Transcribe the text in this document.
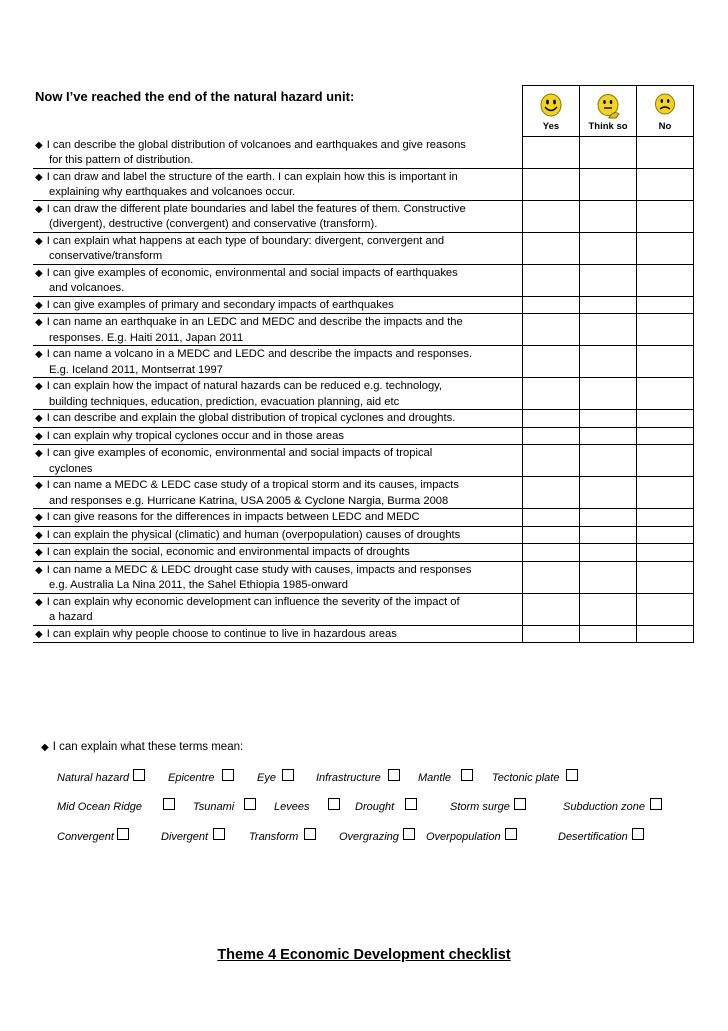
Now I’ve reached the end of the natural hazard unit:

	Yes	Think so	No

◆ I can describe the global distribution of volcanoes and earthquakes and give reasons
for this pattern of distribution.			

◆ I can draw and label the structure of the earth. I can explain how this is important in
explaining why earthquakes and volcanoes occur.			

◆ I can draw the different plate boundaries and label the features of them. Constructive
(divergent), destructive (convergent) and conservative (transform).			

◆ I can explain what happens at each type of boundary: divergent, convergent and
conservative/transform			

◆ I can give examples of economic, environmental and social impacts of earthquakes
and volcanoes.			

◆ I can give examples of primary and secondary impacts of earthquakes			
◆ I can name an earthquake in an LEDC and MEDC and describe the impacts and the
responses. E.g. Haiti 2011, Japan 2011			

◆ I can name a volcano in a MEDC and LEDC and describe the impacts and responses.
E.g. Iceland 2011, Montserrat 1997			

◆ I can explain how the impact of natural hazards can be reduced e.g. technology,
building techniques, education, prediction, evacuation planning, aid etc			

◆ I can describe and explain the global distribution of tropical cyclones and droughts.			
◆ I can explain why tropical cyclones occur and in those areas			
◆ I can give examples of economic, environmental and social impacts of tropical
cyclones			

◆ I can name a MEDC & LEDC case study of a tropical storm and its causes, impacts
and responses e.g. Hurricane Katrina, USA 2005 & Cyclone Nargia, Burma 2008			

◆ I can give reasons for the differences in impacts between LEDC and MEDC			
◆ I can explain the physical (climatic) and human (overpopulation) causes of droughts			
◆ I can explain the social, economic and environmental impacts of droughts			
◆ I can name a MEDC & LEDC drought case study with causes, impacts and responses
e.g. Australia La Nina 2011, the Sahel Ethiopia 1985-onward			

◆ I can explain why economic development can influence the severity of the impact of
a hazard			

◆ I can explain why people choose to continue to live in hazardous areas			
◆ I can explain what these terms mean:
Natural hazard	Epicentre	Eye	Infrastructure	Mantle	Tectonic plate
Mid Ocean Ridge	Tsunami	Levees	Drought	Storm surge	Subduction zone
Convergent	Divergent	Transform	Overgrazing Overpopulation	Desertification
Theme 4 Economic Development checklist
